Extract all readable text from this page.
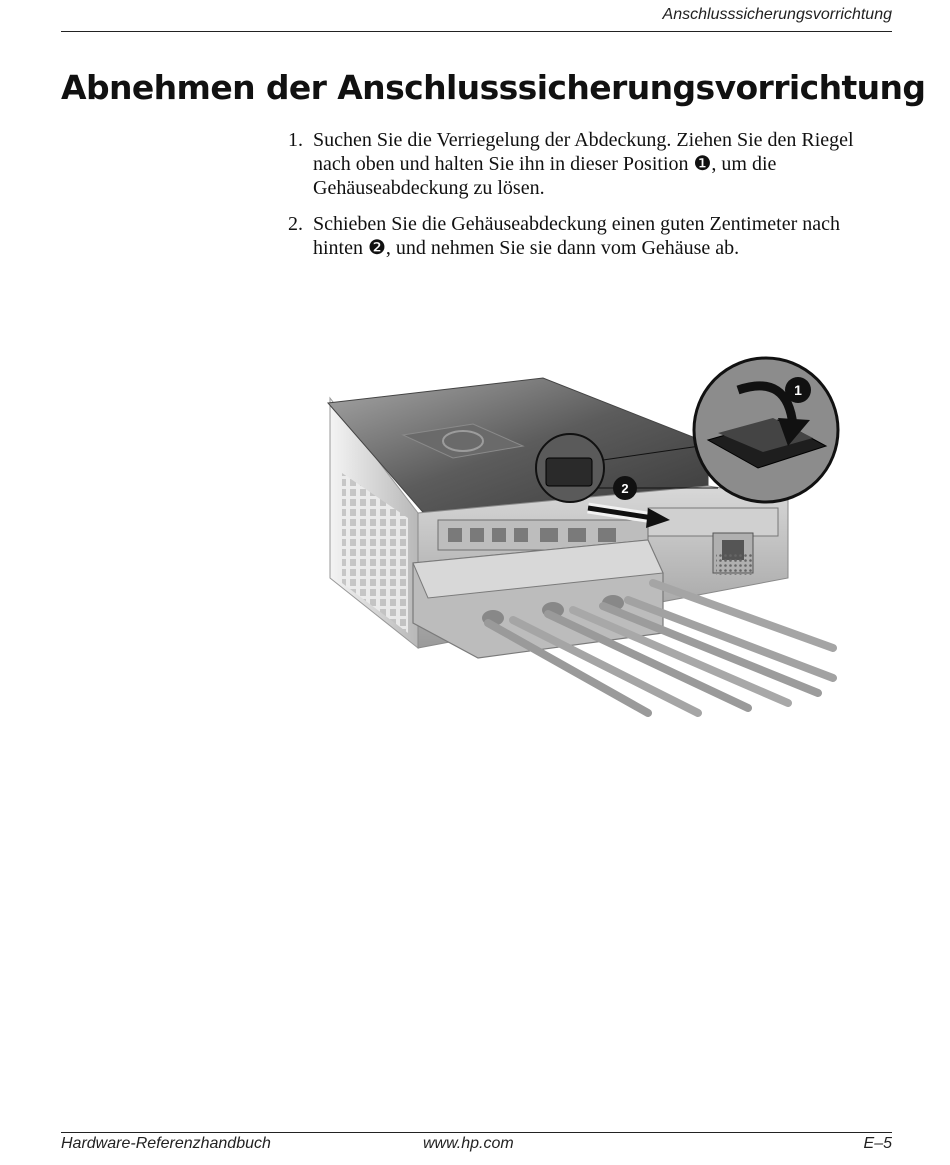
Anschlusssicherungsvorrichtung
Abnehmen der Anschlusssicherungsvorrichtung
1. Suchen Sie die Verriegelung der Abdeckung. Ziehen Sie den Riegel nach oben und halten Sie ihn in dieser Position ❶, um die Gehäuseabdeckung zu lösen.
2. Schieben Sie die Gehäuseabdeckung einen guten Zentimeter nach hinten ❷, und nehmen Sie sie dann vom Gehäuse ab.
1
2
Hardware-Referenzhandbuch	www.hp.com	E–5
